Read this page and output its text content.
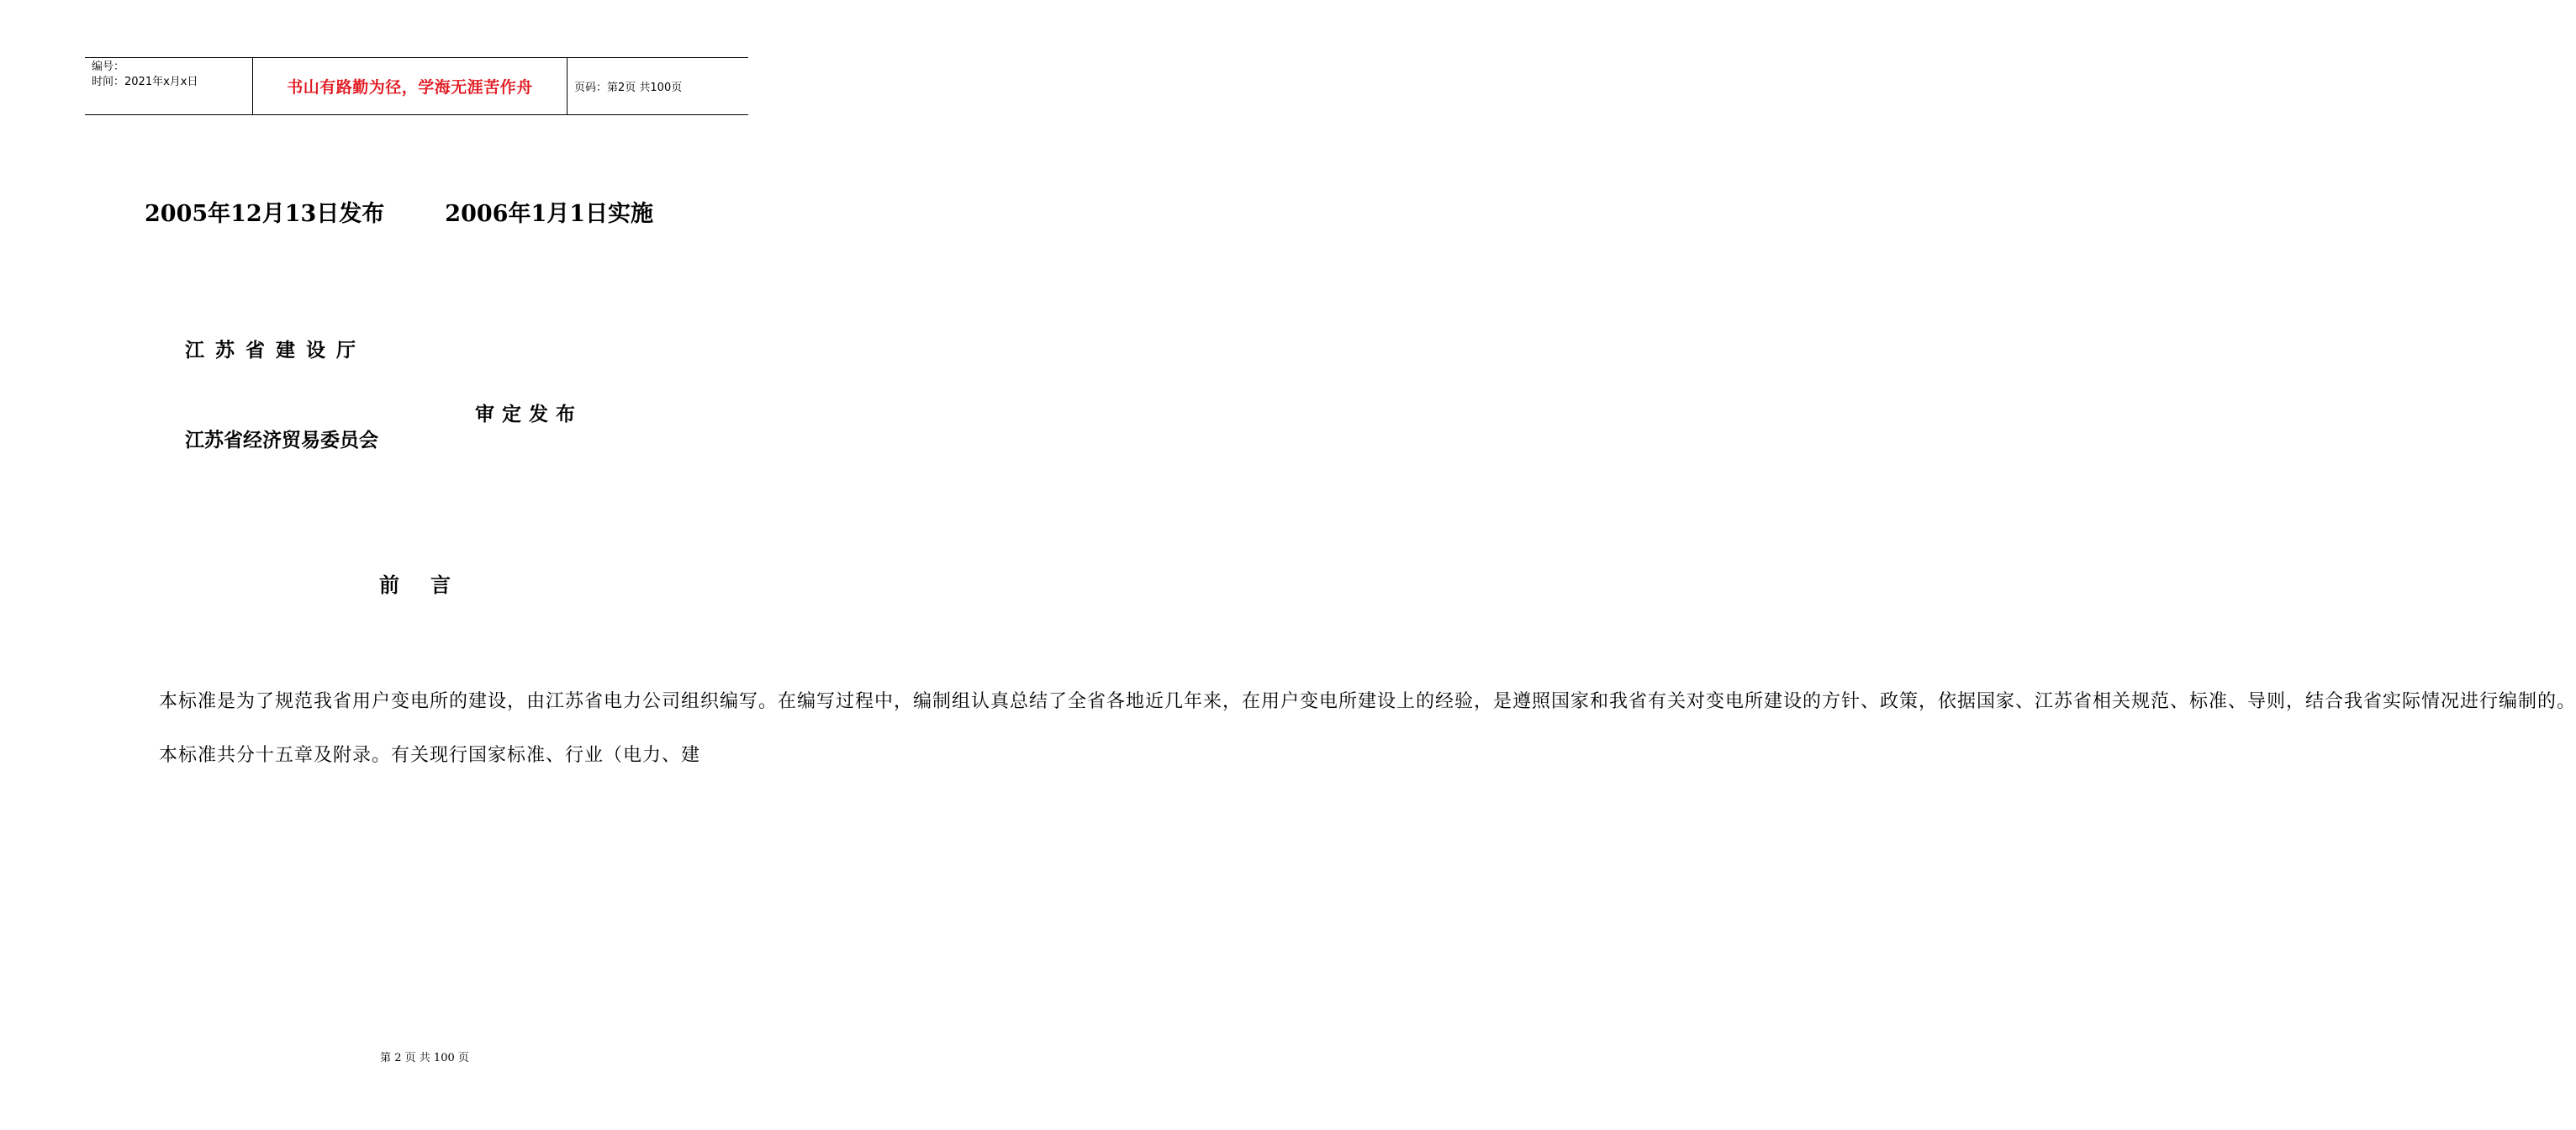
编号：
时间：2021年x月x日	书山有路勤为径，学海无涯苦作舟	页码：第2页 共100页
2005年12月13日发布	2006年1月1日实施
江苏省建设厅
审定发布
江苏省经济贸易委员会
前言

本标准是为了规范我省用户变电所的建设，由江苏省电力公司组织编写。在编写过程中，编制组认真总结了全省各地近几年来，在用户变电所建设上的经验，是遵照国家和我省有关对变电所建设的方针、政策，依据国家、江苏省相关规范、标准、导则，结合我省实际情况进行编制的。

本标准共分十五章及附录。有关现行国家标准、行业（电力、建

第 2 页 共 100 页
